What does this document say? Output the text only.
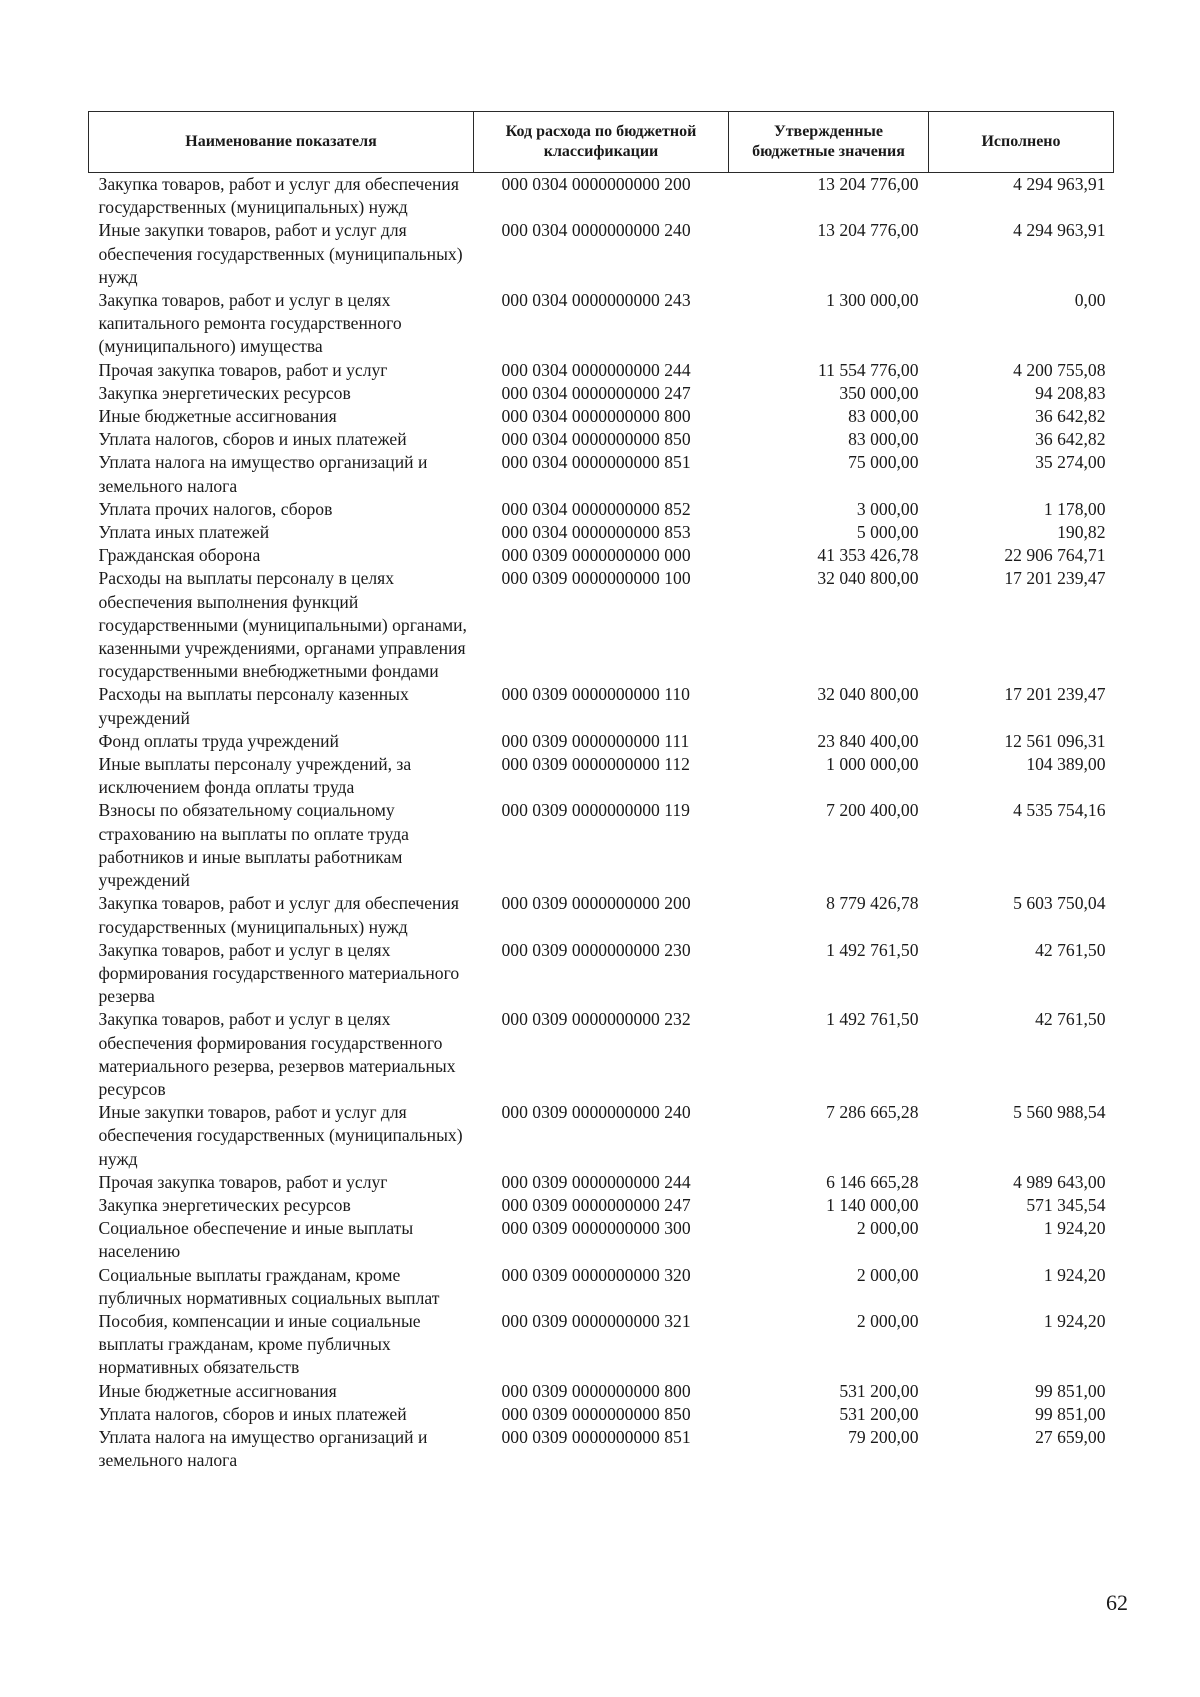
Наименование показателя	Код расхода по бюджетной классификации	Утвержденные бюджетные значения	Исполнено
Закупка товаров, работ и услуг для обеспечения государственных (муниципальных) нужд	000 0304 0000000000 200	13 204 776,00	4 294 963,91
Иные закупки товаров, работ и услуг для обеспечения государственных (муниципальных) нужд	000 0304 0000000000 240	13 204 776,00	4 294 963,91
Закупка товаров, работ и услуг в целях капитального ремонта государственного (муниципального) имущества	000 0304 0000000000 243	1 300 000,00	0,00
Прочая закупка товаров, работ и услуг	000 0304 0000000000 244	11 554 776,00	4 200 755,08
Закупка энергетических ресурсов	000 0304 0000000000 247	350 000,00	94 208,83
Иные бюджетные ассигнования	000 0304 0000000000 800	83 000,00	36 642,82
Уплата налогов, сборов и иных платежей	000 0304 0000000000 850	83 000,00	36 642,82
Уплата налога на имущество организаций и земельного налога	000 0304 0000000000 851	75 000,00	35 274,00
Уплата прочих налогов, сборов	000 0304 0000000000 852	3 000,00	1 178,00
Уплата иных платежей	000 0304 0000000000 853	5 000,00	190,82
Гражданская оборона	000 0309 0000000000 000	41 353 426,78	22 906 764,71
Расходы на выплаты персоналу в целях обеспечения выполнения функций государственными (муниципальными) органами, казенными учреждениями, органами управления государственными внебюджетными фондами	000 0309 0000000000 100	32 040 800,00	17 201 239,47
Расходы на выплаты персоналу казенных учреждений	000 0309 0000000000 110	32 040 800,00	17 201 239,47
Фонд оплаты труда учреждений	000 0309 0000000000 111	23 840 400,00	12 561 096,31
Иные выплаты персоналу учреждений, за исключением фонда оплаты труда	000 0309 0000000000 112	1 000 000,00	104 389,00
Взносы по обязательному социальному страхованию на выплаты по оплате труда работников и иные выплаты работникам учреждений	000 0309 0000000000 119	7 200 400,00	4 535 754,16
Закупка товаров, работ и услуг для обеспечения государственных (муниципальных) нужд	000 0309 0000000000 200	8 779 426,78	5 603 750,04
Закупка товаров, работ и услуг в целях формирования государственного материального резерва	000 0309 0000000000 230	1 492 761,50	42 761,50
Закупка товаров, работ и услуг в целях обеспечения формирования государственного материального резерва, резервов материальных ресурсов	000 0309 0000000000 232	1 492 761,50	42 761,50
Иные закупки товаров, работ и услуг для обеспечения государственных (муниципальных) нужд	000 0309 0000000000 240	7 286 665,28	5 560 988,54
Прочая закупка товаров, работ и услуг	000 0309 0000000000 244	6 146 665,28	4 989 643,00
Закупка энергетических ресурсов	000 0309 0000000000 247	1 140 000,00	571 345,54
Социальное обеспечение и иные выплаты населению	000 0309 0000000000 300	2 000,00	1 924,20
Социальные выплаты гражданам, кроме публичных нормативных социальных выплат	000 0309 0000000000 320	2 000,00	1 924,20
Пособия, компенсации и иные социальные выплаты гражданам, кроме публичных нормативных обязательств	000 0309 0000000000 321	2 000,00	1 924,20
Иные бюджетные ассигнования	000 0309 0000000000 800	531 200,00	99 851,00
Уплата налогов, сборов и иных платежей	000 0309 0000000000 850	531 200,00	99 851,00
Уплата налога на имущество организаций и земельного налога	000 0309 0000000000 851	79 200,00	27 659,00
62
